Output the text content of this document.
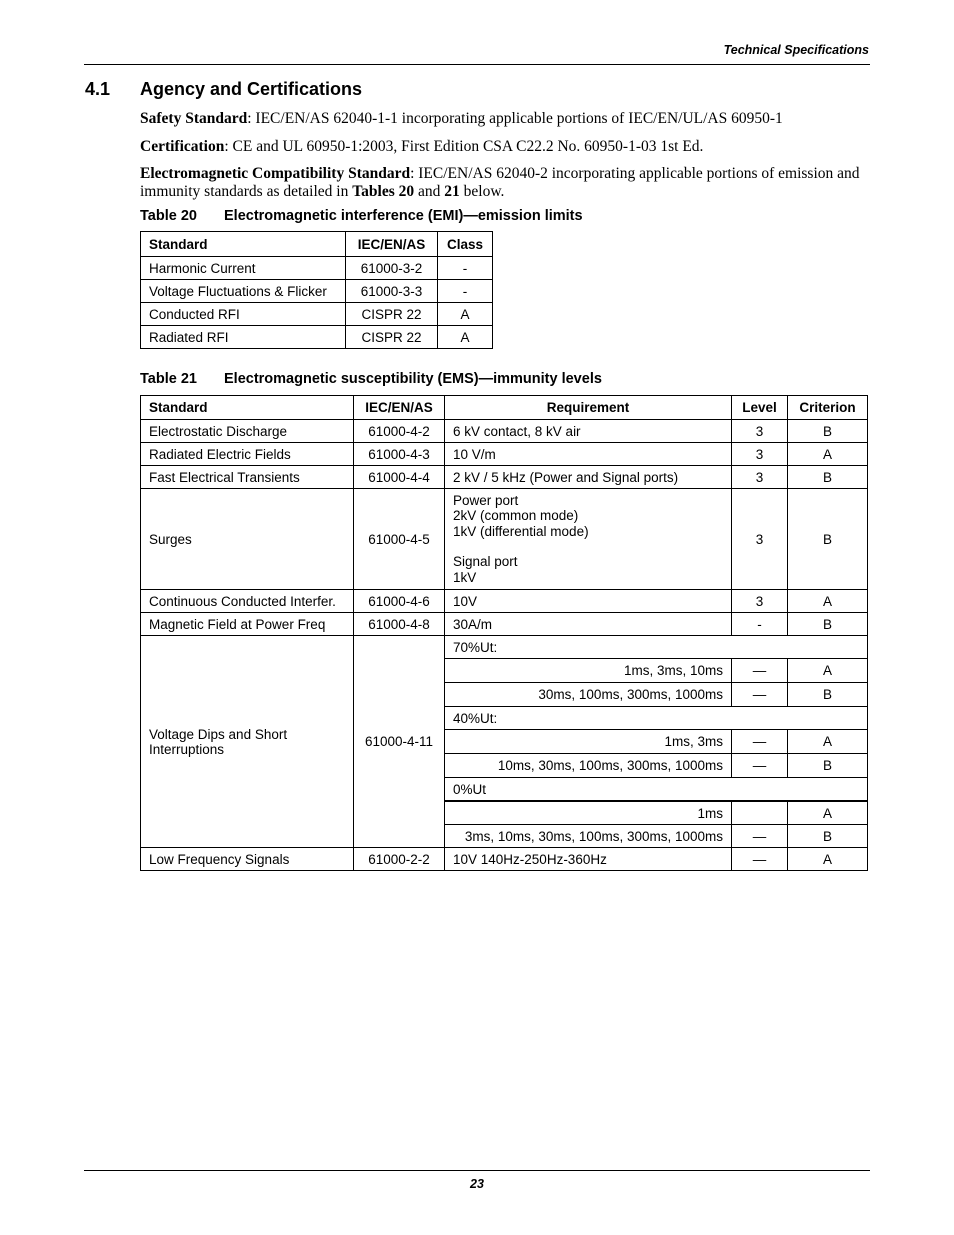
Technical Specifications
4.1 Agency and Certifications
Safety Standard: IEC/EN/AS 62040-1-1 incorporating applicable portions of IEC/EN/UL/AS 60950-1
Certification: CE and UL 60950-1:2003, First Edition CSA C22.2 No. 60950-1-03 1st Ed.
Electromagnetic Compatibility Standard: IEC/EN/AS 62040-2 incorporating applicable portions of emission and immunity standards as detailed in Tables 20 and 21 below.
Table 20 Electromagnetic interference (EMI)—emission limits
Standard	IEC/EN/AS	Class
Harmonic Current	61000-3-2	-
Voltage Fluctuations & Flicker	61000-3-3	-
Conducted RFI	CISPR 22	A
Radiated RFI	CISPR 22	A
Table 21 Electromagnetic susceptibility (EMS)—immunity levels
Standard	IEC/EN/AS	Requirement	Level	Criterion
Electrostatic Discharge	61000-4-2	6 kV contact, 8 kV air	3	B
Radiated Electric Fields	61000-4-3	10 V/m	3	A
Fast Electrical Transients	61000-4-4	2 kV / 5 kHz (Power and Signal ports)	3	B
Surges	61000-4-5	Power port
2kV (common mode)
1kV (differential mode)
Signal port
1kV	3	B
Continuous Conducted Interfer.	61000-4-6	10V	3	A
Magnetic Field at Power Freq	61000-4-8	30A/m	-	B
Voltage Dips and Short Interruptions	61000-4-11	70%Ut:		
		1ms, 3ms, 10ms	—	A
		30ms, 100ms, 300ms, 1000ms	—	B
		40%Ut:		
		1ms, 3ms	—	A
		10ms, 30ms, 100ms, 300ms, 1000ms	—	B
		0%Ut		
		1ms		A
		3ms, 10ms, 30ms, 100ms, 300ms, 1000ms	—	B
Low Frequency Signals	61000-2-2	10V 140Hz-250Hz-360Hz	—	A
23
